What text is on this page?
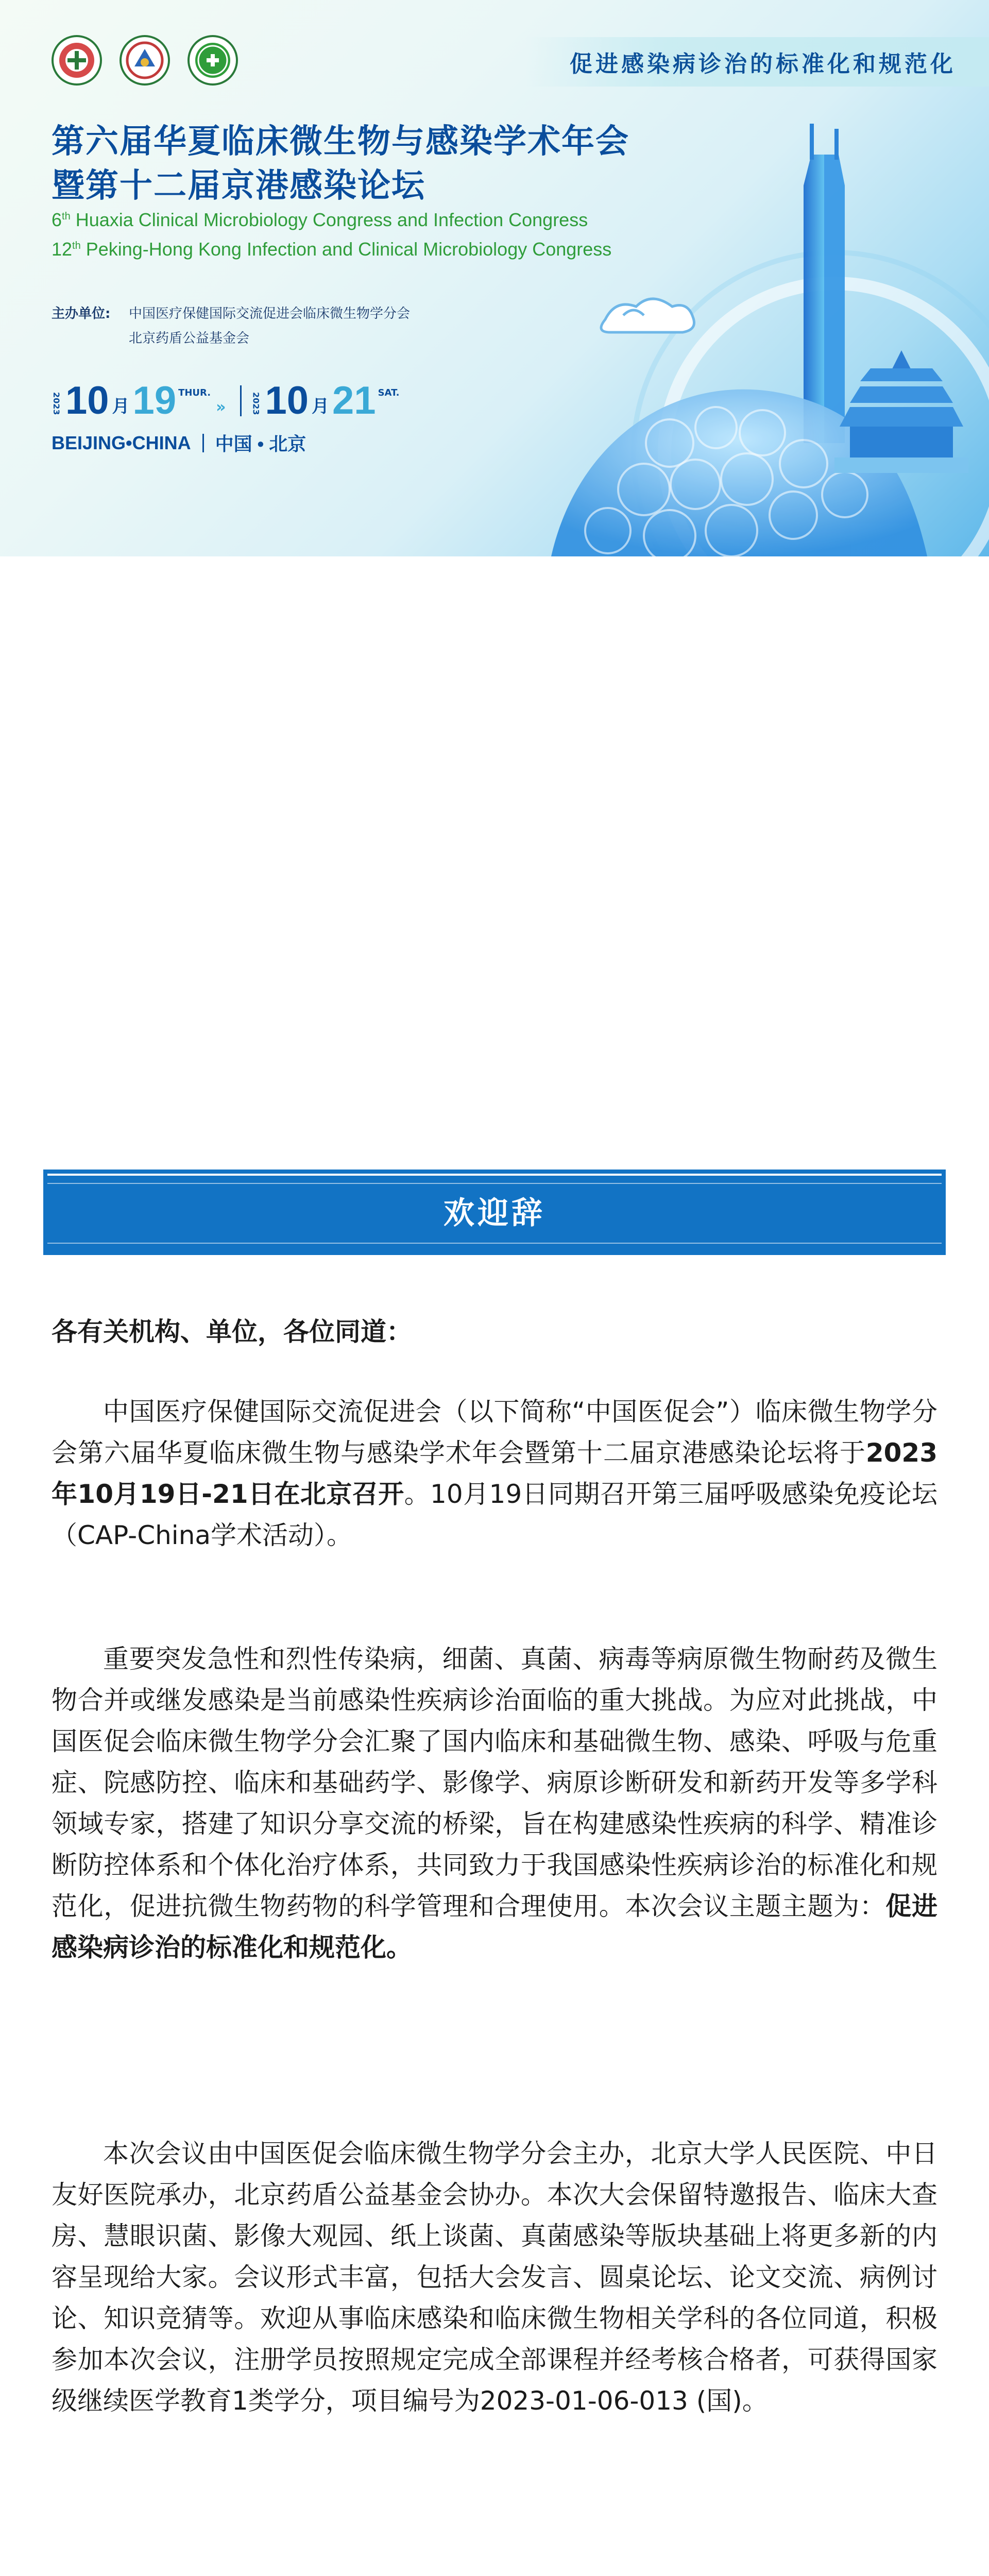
促进感染病诊治的标准化和规范化
第六届华夏临床微生物与感染学术年会
暨第十二届京港感染论坛
6th Huaxia Clinical Microbiology Congress and Infection Congress
12th Peking-Hong Kong Infection and Clinical Microbiology Congress
主办单位: 中国医疗保健国际交流促进会临床微生物学分会
北京药盾公益基金会
2023 10 月 19 THUR.
»	2023 10 月 21 SAT.
BEIJING•CHINA 中国 • 北京
欢迎辞
各有关机构、单位，各位同道：
中国医疗保健国际交流促进会（以下简称“中国医促会”）临床微生物学分会第六届华夏临床微生物与感染学术年会暨第十二届京港感染论坛将于2023年10月19日-21日在北京召开。10月19日同期召开第三届呼吸感染免疫论坛（CAP-China学术活动）。
重要突发急性和烈性传染病，细菌、真菌、病毒等病原微生物耐药及微生物合并或继发感染是当前感染性疾病诊治面临的重大挑战。为应对此挑战，中国医促会临床微生物学分会汇聚了国内临床和基础微生物、感染、呼吸与危重症、院感防控、临床和基础药学、影像学、病原诊断研发和新药开发等多学科领域专家，搭建了知识分享交流的桥梁，旨在构建感染性疾病的科学、精准诊断防控体系和个体化治疗体系，共同致力于我国感染性疾病诊治的标准化和规范化，促进抗微生物药物的科学管理和合理使用。本次会议主题主题为：促进感染病诊治的标准化和规范化。
本次会议由中国医促会临床微生物学分会主办，北京大学人民医院、中日友好医院承办，北京药盾公益基金会协办。本次大会保留特邀报告、临床大查房、慧眼识菌、影像大观园、纸上谈菌、真菌感染等版块基础上将更多新的内容呈现给大家。会议形式丰富，包括大会发言、圆桌论坛、论文交流、病例讨论、知识竞猜等。欢迎从事临床感染和临床微生物相关学科的各位同道，积极参加本次会议，注册学员按照规定完成全部课程并经考核合格者，可获得国家级继续医学教育1类学分，项目编号为2023-01-06-013 (国)。
